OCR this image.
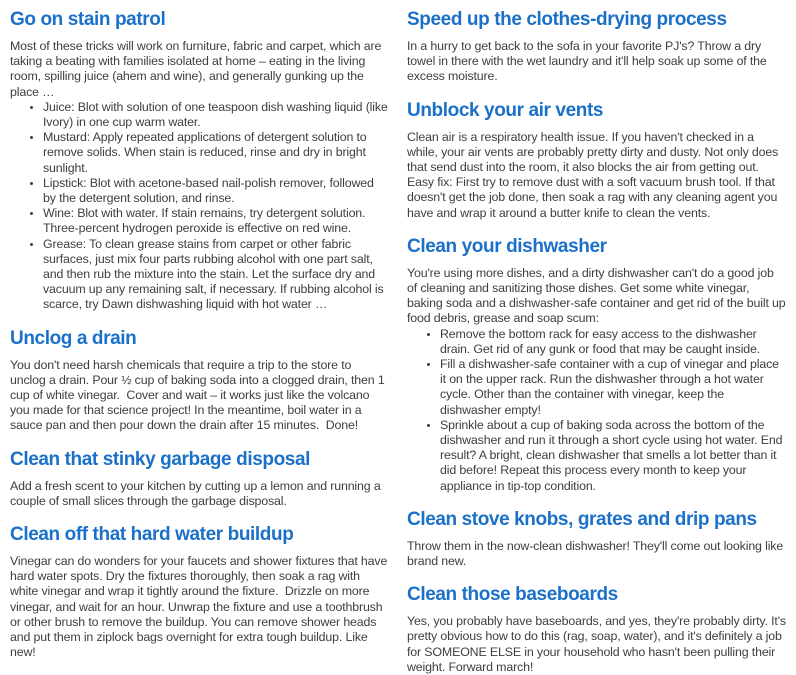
Go on stain patrol

Most of these tricks will work on furniture, fabric and carpet, which are taking a beating with families isolated at home – eating in the living room, spilling juice (ahem and wine), and generally gunking up the place …

• Juice: Blot with solution of one teaspoon dish washing liquid (like Ivory) in one cup warm water.
• Mustard: Apply repeated applications of detergent solution to remove solids. When stain is reduced, rinse and dry in bright sunlight.
• Lipstick: Blot with acetone-based nail-polish remover, followed by the detergent solution, and rinse.
• Wine: Blot with water. If stain remains, try detergent solution. Three-percent hydrogen peroxide is effective on red wine.
• Grease: To clean grease stains from carpet or other fabric surfaces, just mix four parts rubbing alcohol with one part salt, and then rub the mixture into the stain. Let the surface dry and vacuum up any remaining salt, if necessary. If rubbing alcohol is scarce, try Dawn dishwashing liquid with hot water …
Unclog a drain

You don't need harsh chemicals that require a trip to the store to unclog a drain. Pour ½ cup of baking soda into a clogged drain, then 1 cup of white vinegar.  Cover and wait – it works just like the volcano you made for that science project! In the meantime, boil water in a sauce pan and then pour down the drain after 15 minutes.  Done!

Clean that stinky garbage disposal

Add a fresh scent to your kitchen by cutting up a lemon and running a couple of small slices through the garbage disposal.

Clean off that hard water buildup

Vinegar can do wonders for your faucets and shower fixtures that have hard water spots. Dry the fixtures thoroughly, then soak a rag with white vinegar and wrap it tightly around the fixture.  Drizzle on more vinegar, and wait for an hour. Unwrap the fixture and use a toothbrush or other brush to remove the buildup. You can remove shower heads and put them in ziplock bags overnight for extra tough buildup. Like new!

Speed up the clothes-drying process

In a hurry to get back to the sofa in your favorite PJ's? Throw a dry towel in there with the wet laundry and it'll help soak up some of the excess moisture.

Unblock your air vents

Clean air is a respiratory health issue. If you haven't checked in a while, your air vents are probably pretty dirty and dusty. Not only does that send dust into the room, it also blocks the air from getting out.  Easy fix: First try to remove dust with a soft vacuum brush tool. If that doesn't get the job done, then soak a rag with any cleaning agent you have and wrap it around a butter knife to clean the vents.

Clean your dishwasher

You're using more dishes, and a dirty dishwasher can't do a good job of cleaning and sanitizing those dishes. Get some white vinegar, baking soda and a dishwasher-safe container and get rid of the built up food debris, grease and soap scum:

• Remove the bottom rack for easy access to the dishwasher drain. Get rid of any gunk or food that may be caught inside.
• Fill a dishwasher-safe container with a cup of vinegar and place it on the upper rack. Run the dishwasher through a hot water cycle. Other than the container with vinegar, keep the dishwasher empty!
• Sprinkle about a cup of baking soda across the bottom of the dishwasher and run it through a short cycle using hot water. End result? A bright, clean dishwasher that smells a lot better than it did before! Repeat this process every month to keep your appliance in tip-top condition.
Clean stove knobs, grates and drip pans

Throw them in the now-clean dishwasher! They'll come out looking like brand new.

Clean those baseboards

Yes, you probably have baseboards, and yes, they're probably dirty. It's pretty obvious how to do this (rag, soap, water), and it's definitely a job for SOMEONE ELSE in your household who hasn't been pulling their weight. Forward march!
